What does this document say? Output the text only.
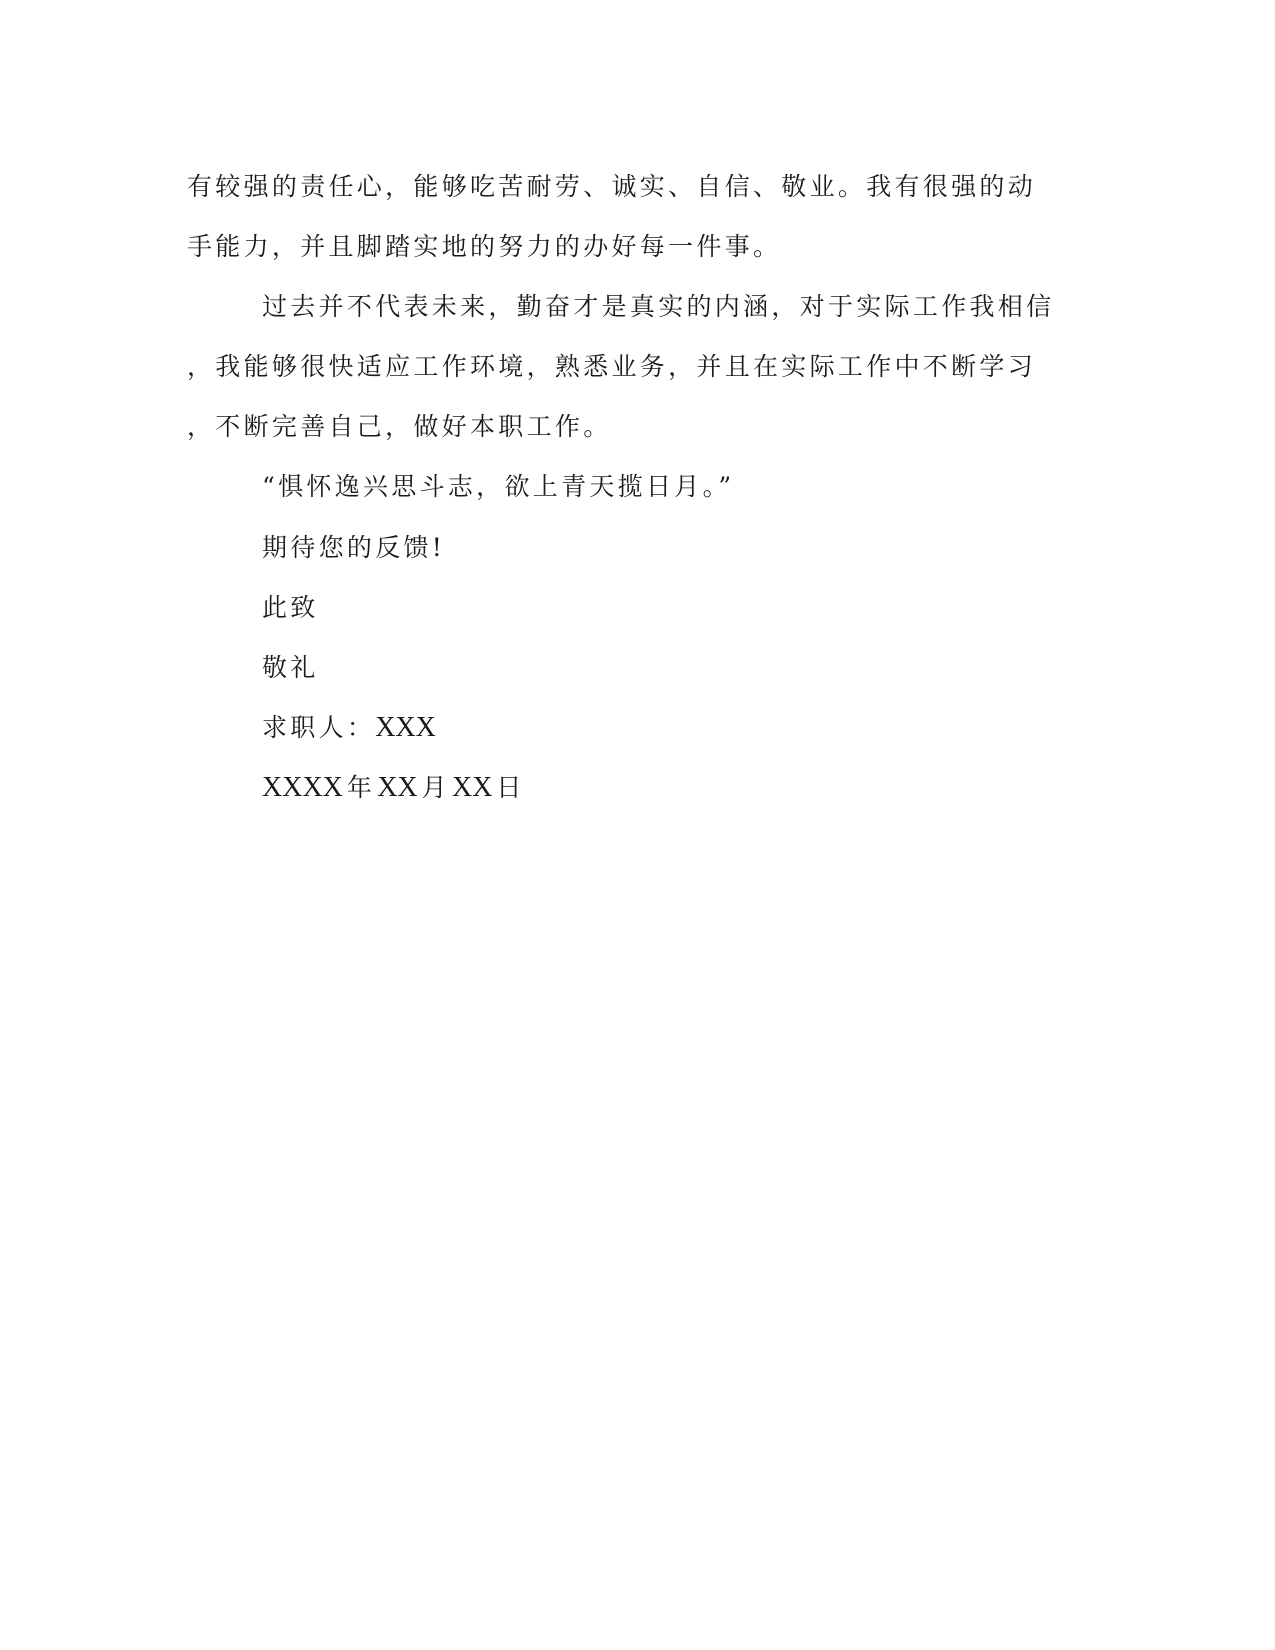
有较强的责任心，能够吃苦耐劳、诚实、自信、敬业。我有很强的动
手能力，并且脚踏实地的努力的办好每一件事。
过去并不代表未来，勤奋才是真实的内涵，对于实际工作我相信
，我能够很快适应工作环境，熟悉业务，并且在实际工作中不断学习
，不断完善自己，做好本职工作。
“惧怀逸兴思斗志，欲上青天揽日月。”
期待您的反馈!
此致
敬礼
求职人：XXX
XXXX 年XX 月XX 日
